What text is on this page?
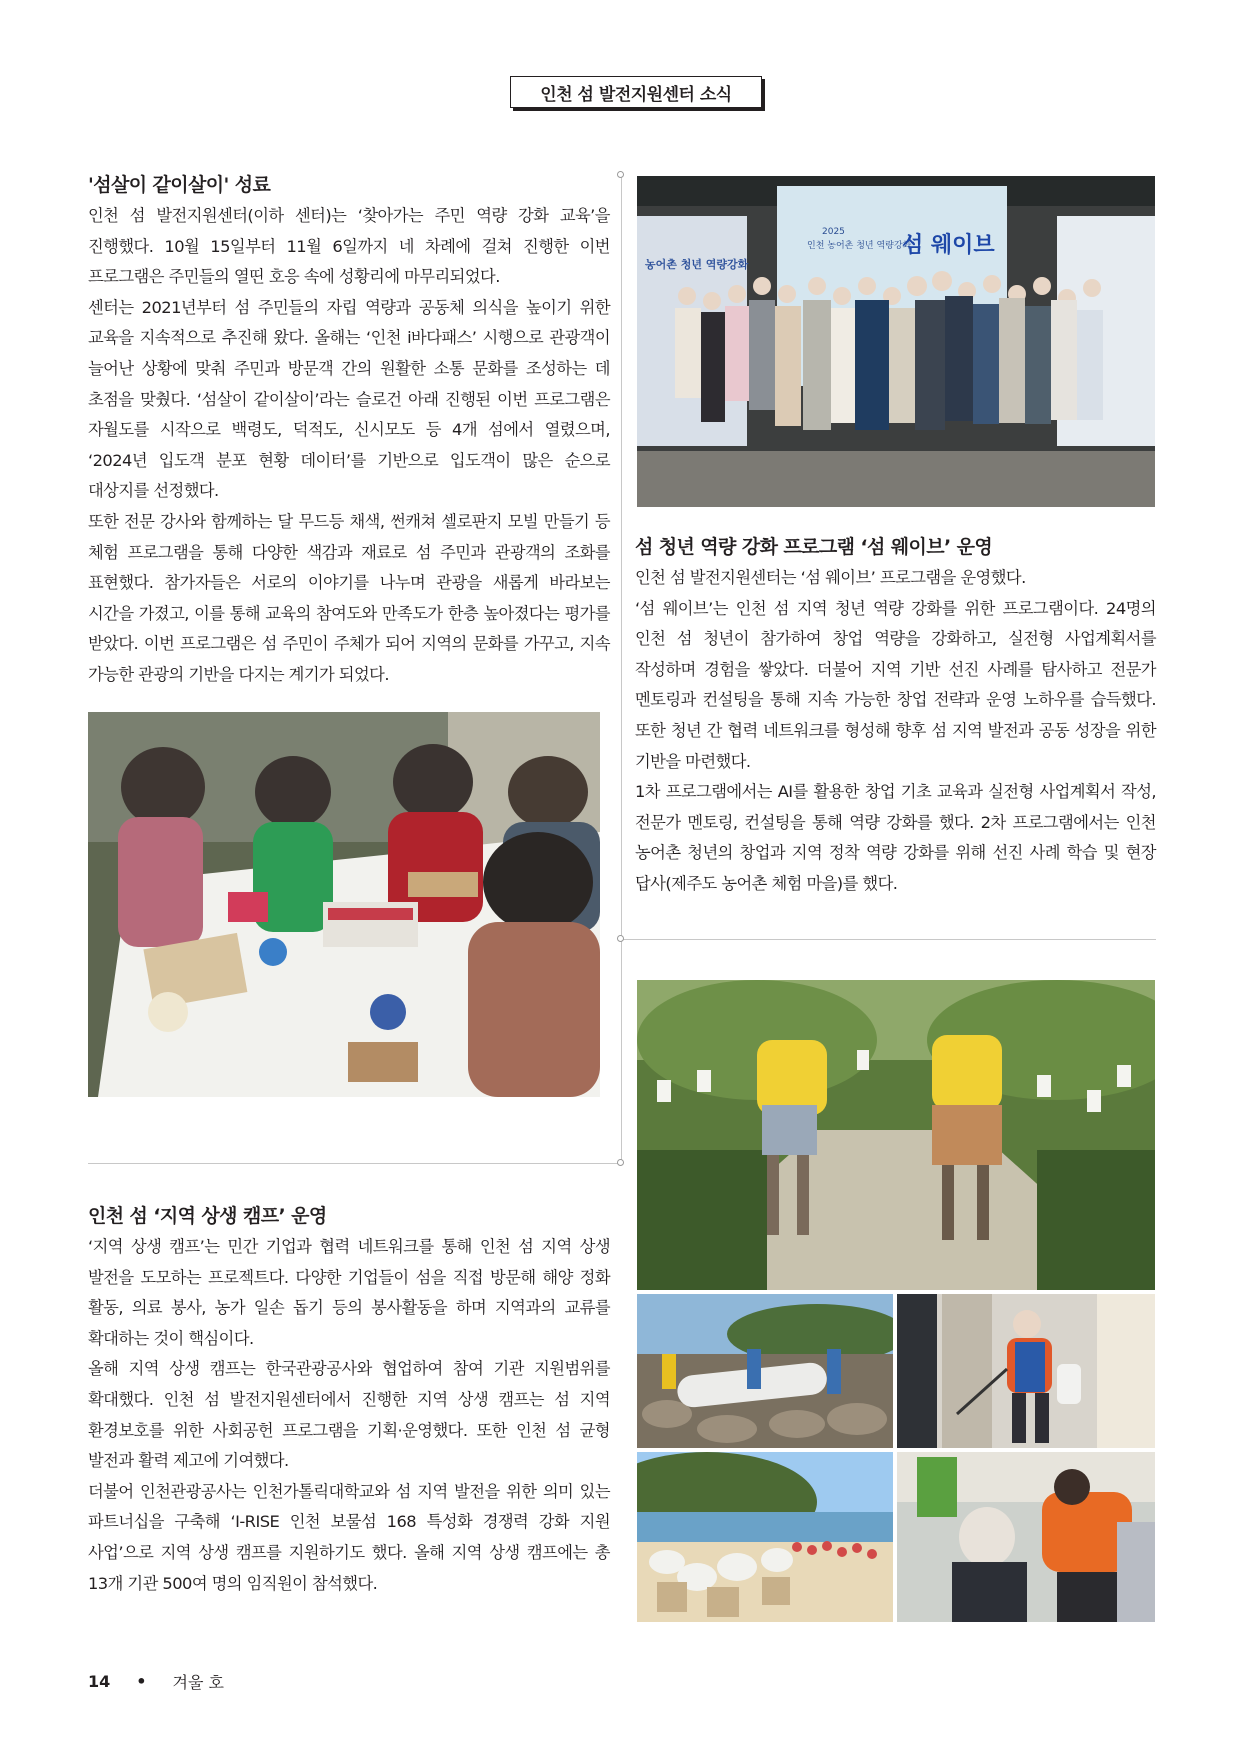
인천 섬 발전지원센터 소식
'섬살이 같이살이' 성료

인천 섬 발전지원센터(이하 센터)는 ‘찾아가는 주민 역량 강화 교육’을 진행했다. 10월 15일부터 11월 6일까지 네 차례에 걸쳐 진행한 이번 프로그램은 주민들의 열띤 호응 속에 성황리에 마무리되었다.

센터는 2021년부터 섬 주민들의 자립 역량과 공동체 의식을 높이기 위한 교육을 지속적으로 추진해 왔다. 올해는 ‘인천 i바다패스’ 시행으로 관광객이 늘어난 상황에 맞춰 주민과 방문객 간의 원활한 소통 문화를 조성하는 데 초점을 맞췄다. ‘섬살이 같이살이’라는 슬로건 아래 진행된 이번 프로그램은 자월도를 시작으로 백령도, 덕적도, 신시모도 등 4개 섬에서 열렸으며, ‘2024년 입도객 분포 현황 데이터’를 기반으로 입도객이 많은 순으로 대상지를 선정했다.

또한 전문 강사와 함께하는 달 무드등 채색, 썬캐쳐 셀로판지 모빌 만들기 등 체험 프로그램을 통해 다양한 색감과 재료로 섬 주민과 관광객의 조화를 표현했다. 참가자들은 서로의 이야기를 나누며 관광을 새롭게 바라보는 시간을 가졌고, 이를 통해 교육의 참여도와 만족도가 한층 높아졌다는 평가를 받았다. 이번 프로그램은 섬 주민이 주체가 되어 지역의 문화를 가꾸고, 지속 가능한 관광의 기반을 다지는 계기가 되었다.

섬 청년 역량 강화 프로그램 ‘섬 웨이브’ 운영

인천 섬 발전지원센터는 ‘섬 웨이브’ 프로그램을 운영했다.

‘섬 웨이브’는 인천 섬 지역 청년 역량 강화를 위한 프로그램이다. 24명의 인천 섬 청년이 참가하여 창업 역량을 강화하고, 실전형 사업계획서를 작성하며 경험을 쌓았다. 더불어 지역 기반 선진 사례를 탐사하고 전문가 멘토링과 컨설팅을 통해 지속 가능한 창업 전략과 운영 노하우를 습득했다. 또한 청년 간 협력 네트워크를 형성해 향후 섬 지역 발전과 공동 성장을 위한 기반을 마련했다.

1차 프로그램에서는 AI를 활용한 창업 기초 교육과 실전형 사업계획서 작성, 전문가 멘토링, 컨설팅을 통해 역량 강화를 했다. 2차 프로그램에서는 인천 농어촌 청년의 창업과 지역 정착 역량 강화를 위해 선진 사례 학습 및 현장 답사(제주도 농어촌 체험 마을)를 했다.

농어촌 청년 역량강화
2025
인천 농어촌 청년 역량강화
섬 웨이브
인천 섬 ‘지역 상생 캠프’ 운영

‘지역 상생 캠프’는 민간 기업과 협력 네트워크를 통해 인천 섬 지역 상생 발전을 도모하는 프로젝트다. 다양한 기업들이 섬을 직접 방문해 해양 정화 활동, 의료 봉사, 농가 일손 돕기 등의 봉사활동을 하며 지역과의 교류를 확대하는 것이 핵심이다.

올해 지역 상생 캠프는 한국관광공사와 협업하여 참여 기관 지원범위를 확대했다. 인천 섬 발전지원센터에서 진행한 지역 상생 캠프는 섬 지역 환경보호를 위한 사회공헌 프로그램을 기획·운영했다. 또한 인천 섬 균형 발전과 활력 제고에 기여했다.

더불어 인천관광공사는 인천가톨릭대학교와 섬 지역 발전을 위한 의미 있는 파트너십을 구축해 ‘I-RISE 인천 보물섬 168 특성화 경쟁력 강화 지원 사업’으로 지역 상생 캠프를 지원하기도 했다. 올해 지역 상생 캠프에는 총 13개 기관 500여 명의 임직원이 참석했다.

14 • 겨울 호
